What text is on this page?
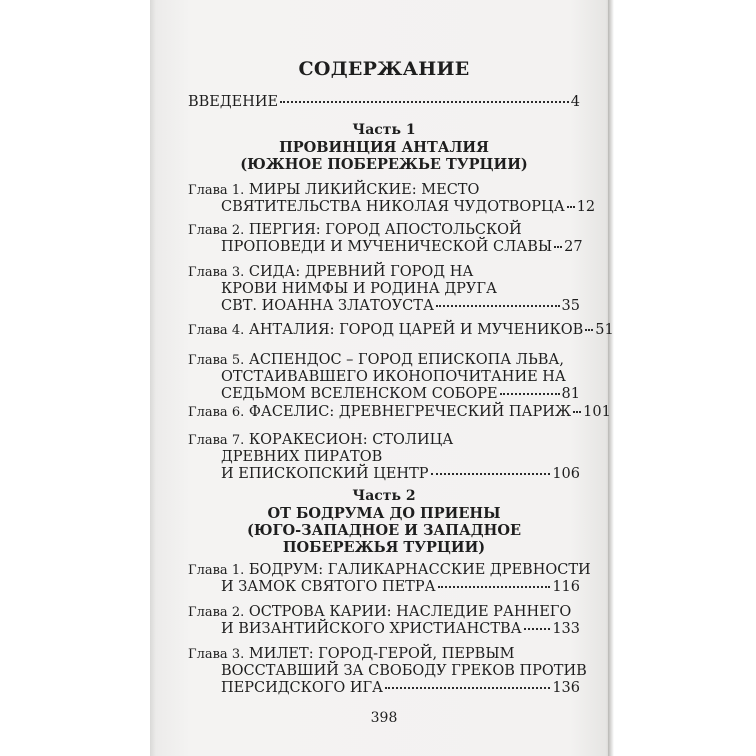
СОДЕРЖАНИЕ
ВВЕДЕНИЕ	4
Часть 1
ПРОВИНЦИЯ АНТАЛИЯ
(ЮЖНОЕ ПОБЕРЕЖЬЕ ТУРЦИИ)
Глава 1. МИРЫ ЛИКИЙСКИЕ: МЕСТО
СВЯТИТЕЛЬСТВА НИКОЛАЯ ЧУДОТВОРЦА 12
Глава 2. ПЕРГИЯ: ГОРОД АПОСТОЛЬСКОЙ
ПРОПОВЕДИ И МУЧЕНИЧЕСКОЙ СЛАВЫ 27
Глава 3. СИДА: ДРЕВНИЙ ГОРОД НА
КРОВИ НИМФЫ И РОДИНА ДРУГА
СВТ. ИОАННА ЗЛАТОУСТА	35
Глава 4. АНТАЛИЯ: ГОРОД ЦАРЕЙ И МУЧЕНИКОВ 51
Глава 5. АСПЕНДОС – ГОРОД ЕПИСКОПА ЛЬВА,
ОТСТАИВАВШЕГО ИКОНОПОЧИТАНИЕ НА
СЕДЬМОМ ВСЕЛЕНСКОМ СОБОРЕ	81
Глава 6. ФАСЕЛИС: ДРЕВНЕГРЕЧЕСКИЙ ПАРИЖ 101
Глава 7. КОРАКЕСИОН: СТОЛИЦА
ДРЕВНИХ ПИРАТОВ
И ЕПИСКОПСКИЙ ЦЕНТР	106
Часть 2
ОТ БОДРУМА ДО ПРИЕНЫ
(ЮГО-ЗАПАДНОЕ И ЗАПАДНОЕ
ПОБЕРЕЖЬЯ ТУРЦИИ)
Глава 1. БОДРУМ: ГАЛИКАРНАССКИЕ ДРЕВНОСТИ
И ЗАМОК СВЯТОГО ПЕТРА	116
Глава 2. ОСТРОВА КАРИИ: НАСЛЕДИЕ РАННЕГО
И ВИЗАНТИЙСКОГО ХРИСТИАНСТВА 133
Глава 3. МИЛЕТ: ГОРОД-ГЕРОЙ, ПЕРВЫМ
ВОССТАВШИЙ ЗА СВОБОДУ ГРЕКОВ ПРОТИВ
ПЕРСИДСКОГО ИГА	136
398
